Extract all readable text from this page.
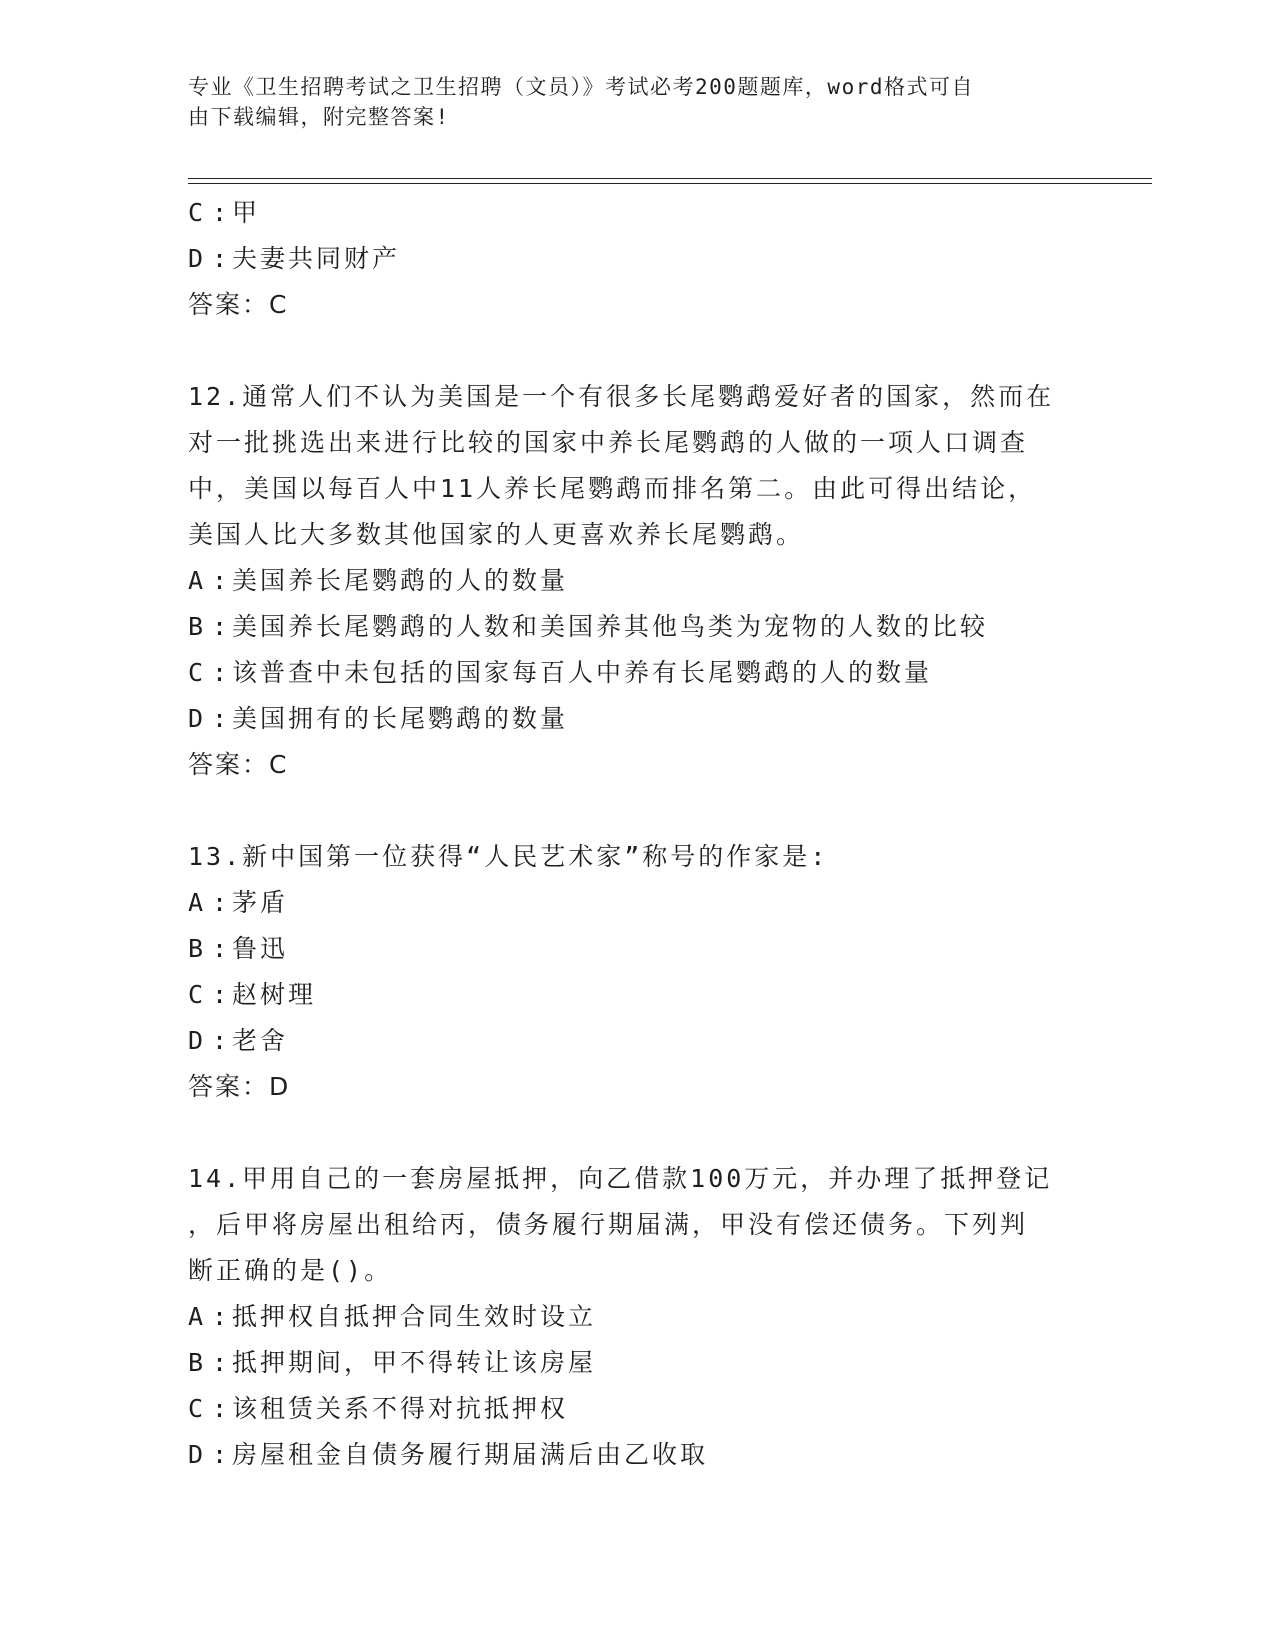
专业《卫生招聘考试之卫生招聘（文员）》考试必考200题题库，word格式可自
由下载编辑，附完整答案!
C :甲
D :夫妻共同财产
答案：C
12.通常人们不认为美国是一个有很多长尾鹦鹉爱好者的国家，然而在
对一批挑选出来进行比较的国家中养长尾鹦鹉的人做的一项人口调查
中，美国以每百人中11人养长尾鹦鹉而排名第二。由此可得出结论，
美国人比大多数其他国家的人更喜欢养长尾鹦鹉。
A :美国养长尾鹦鹉的人的数量
B :美国养长尾鹦鹉的人数和美国养其他鸟类为宠物的人数的比较
C :该普查中未包括的国家每百人中养有长尾鹦鹉的人的数量
D :美国拥有的长尾鹦鹉的数量
答案：C
13.新中国第一位获得“人民艺术家”称号的作家是:
A :茅盾
B :鲁迅
C :赵树理
D :老舍
答案：D
14.甲用自己的一套房屋抵押，向乙借款100万元，并办理了抵押登记
，后甲将房屋出租给丙，债务履行期届满，甲没有偿还债务。下列判
断正确的是()。
A :抵押权自抵押合同生效时设立
B :抵押期间，甲不得转让该房屋
C :该租赁关系不得对抗抵押权
D :房屋租金自债务履行期届满后由乙收取
